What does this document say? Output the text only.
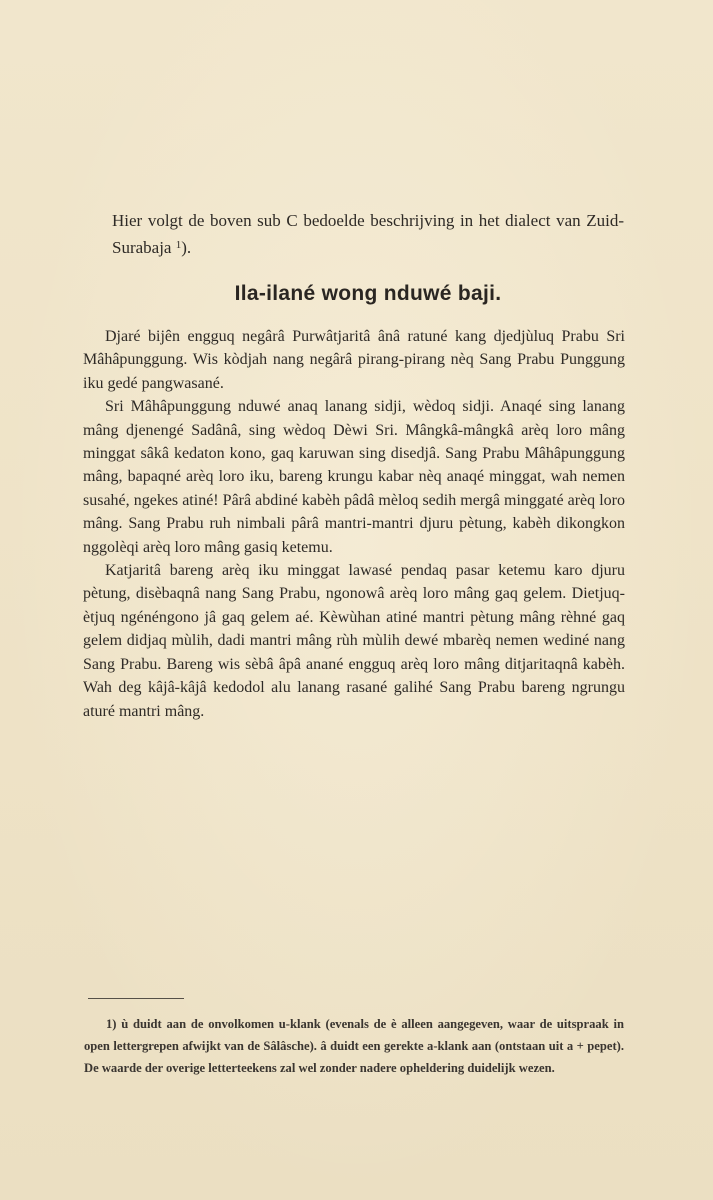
Hier volgt de boven sub C bedoelde beschrijving in het dialect van Zuid-Surabaja $^1$).

Ila-ilané wong nduwé baji.

Djaré bijên engguq negârâ Purwâtjaritâ ânâ ratuné kang djedjùluq Prabu Sri Mâhâpunggung. Wis kòdjah nang negârâ pirang-pirang nèq Sang Prabu Punggung iku gedé pangwasané.

Sri Mâhâpunggung nduwé anaq lanang sidji, wèdoq sidji. Anaqé sing lanang mâng djenengé Sadânâ, sing wèdoq Dèwi Sri. Mângkâ-mângkâ arèq loro mâng minggat sâkâ kedaton kono, gaq karuwan sing disedjâ. Sang Prabu Mâhâpunggung mâng, bapaqné arèq loro iku, bareng krungu kabar nèq anaqé minggat, wah nemen susahé, ngekes atiné! Pârâ abdiné kabèh pâdâ mèloq sedih mergâ minggaté arèq loro mâng. Sang Prabu ruh nimbali pârâ mantri-mantri djuru pètung, kabèh dikongkon nggolèqi arèq loro mâng gasiq ketemu.

Katjaritâ bareng arèq iku minggat lawasé pendaq pasar ketemu karo djuru pètung, disèbaqnâ nang Sang Prabu, ngonowâ arèq loro mâng gaq gelem. Dietjuq-ètjuq ngénéngono jâ gaq gelem aé. Kèwùhan atiné mantri pètung mâng rèhné gaq gelem didjaq mùlih, dadi mantri mâng rùh mùlih dewé mbarèq nemen wediné nang Sang Prabu. Bareng wis sèbâ âpâ anané engguq arèq loro mâng ditjaritaqnâ kabèh. Wah deg kâjâ-kâjâ kedodol alu lanang rasané galihé Sang Prabu bareng ngrungu aturé mantri mâng.

1) ù duidt aan de onvolkomen u-klank (evenals de è alleen aangegeven, waar de uitspraak in open lettergrepen afwijkt van de Sâlâsche). â duidt een gerekte a-klank aan (ontstaan uit a + pepet). De waarde der overige letterteekens zal wel zonder nadere opheldering duidelijk wezen.
